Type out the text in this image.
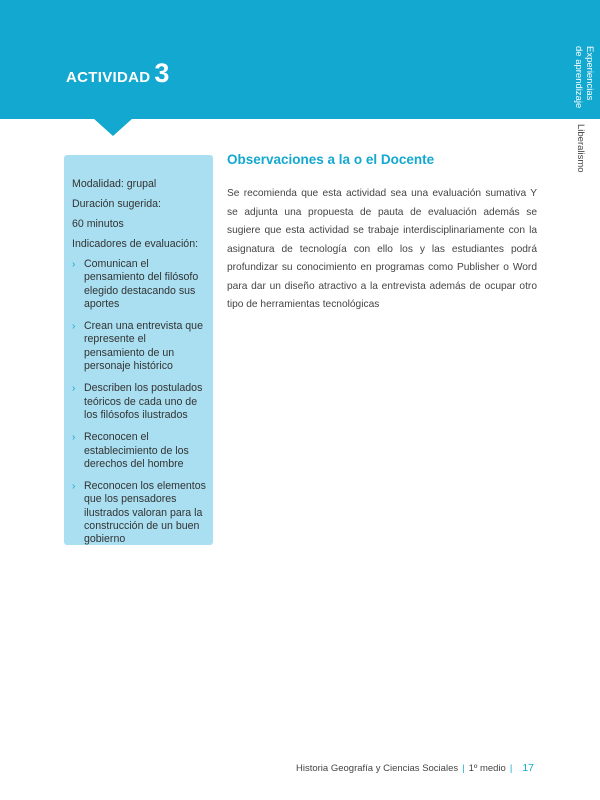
ACTIVIDAD 3	Experiencias
de aprendizaje
Liberalismo
Modalidad: grupal
Duración sugerida:
60 minutos
Indicadores de evaluación:
› Comunican el pensamiento del filósofo elegido destacando sus aportes
› Crean una entrevista que represente el pensamiento de un personaje histórico
› Describen los postulados teóricos de cada uno de los filósofos ilustrados
› Reconocen el establecimiento de los derechos del hombre
› Reconocen los elementos que los pensadores ilustrados valoran para la construcción de un buen gobierno
Observaciones a la o el Docente
Se recomienda que esta actividad sea una evaluación sumativa Y se adjunta una propuesta de pauta de evaluación además se sugiere que esta actividad se trabaje interdisciplinariamente con la asignatura de tecnología con ello los y las estudiantes podrá profundizar su conocimiento en programas como Publisher o Word para dar un diseño atractivo a la entrevista además de ocupar otro tipo de herramientas tecnológicas
Historia Geografía y Ciencias Sociales | 1º medio | 17
